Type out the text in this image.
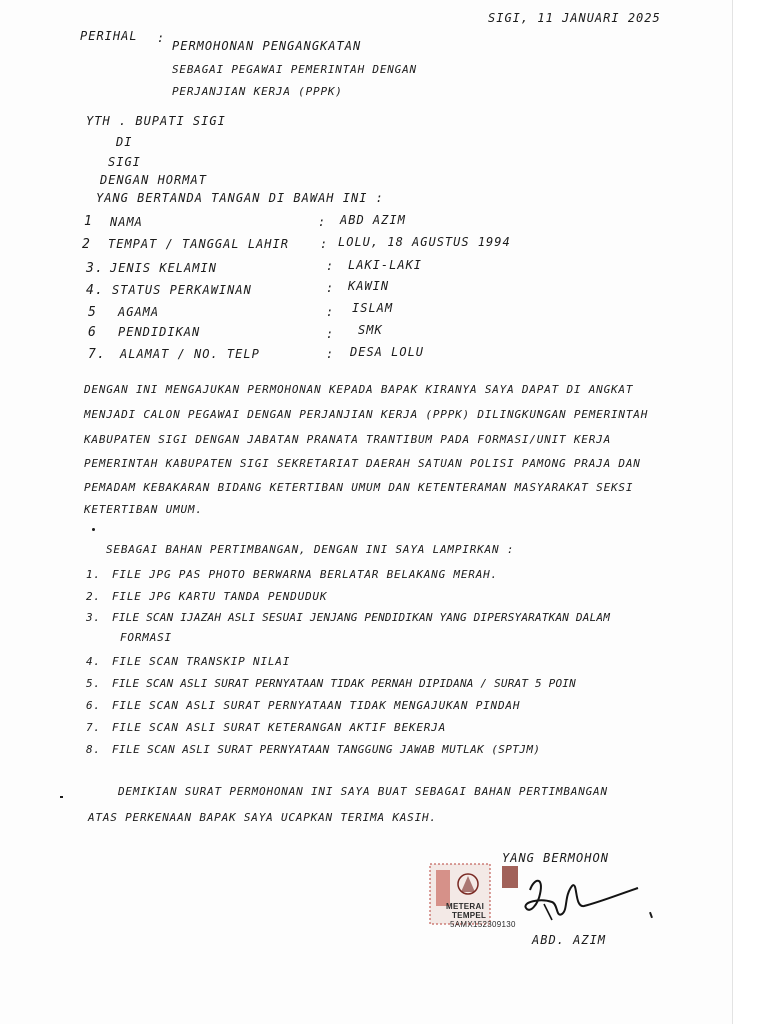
SIGI, 11 JANUARI 2025
PERIHAL :
PERMOHONAN PENGANGKATAN
SEBAGAI PEGAWAI PEMERINTAH DENGAN
PERJANJIAN KERJA (PPPK)
YTH . BUPATI SIGI
DI
SIGI
DENGAN HORMAT
YANG BERTANDA TANGAN DI BAWAH INI :
1 NAMA	: ABD AZIM
2 TEMPAT / TANGGAL LAHIR	: LOLU, 18 AGUSTUS 1994
3. JENIS KELAMIN	: LAKI-LAKI
4. STATUS PERKAWINAN	: KAWIN
5 AGAMA	: ISLAM
6 PENDIDIKAN	: SMK
7. ALAMAT / NO. TELP	: DESA LOLU
DENGAN INI MENGAJUKAN PERMOHONAN KEPADA BAPAK KIRANYA SAYA DAPAT DI ANGKAT
MENJADI CALON PEGAWAI DENGAN PERJANJIAN KERJA (PPPK) DILINGKUNGAN PEMERINTAH
KABUPATEN SIGI DENGAN JABATAN PRANATA TRANTIBUM PADA FORMASI/UNIT KERJA
PEMERINTAH KABUPATEN SIGI SEKRETARIAT DAERAH SATUAN POLISI PAMONG PRAJA DAN
PEMADAM KEBAKARAN BIDANG KETERTIBAN UMUM DAN KETENTERAMAN MASYARAKAT SEKSI
KETERTIBAN UMUM.
SEBAGAI BAHAN PERTIMBANGAN, DENGAN INI SAYA LAMPIRKAN :
1. FILE JPG PAS PHOTO BERWARNA BERLATAR BELAKANG MERAH.
2. FILE JPG KARTU TANDA PENDUDUK
3. FILE SCAN IJAZAH ASLI SESUAI JENJANG PENDIDIKAN YANG DIPERSYARATKAN DALAM
FORMASI
4. FILE SCAN TRANSKIP NILAI
5. FILE SCAN ASLI SURAT PERNYATAAN TIDAK PERNAH DIPIDANA / SURAT 5 POIN
6. FILE SCAN ASLI SURAT PERNYATAAN TIDAK MENGAJUKAN PINDAH
7. FILE SCAN ASLI SURAT KETERANGAN AKTIF BEKERJA
8. FILE SCAN ASLI SURAT PERNYATAAN TANGGUNG JAWAB MUTLAK (SPTJM)
DEMIKIAN SURAT PERMOHONAN INI SAYA BUAT SEBAGAI BAHAN PERTIMBANGAN
ATAS PERKENAAN BAPAK SAYA UCAPKAN TERIMA KASIH.
YANG BERMOHON
METERAI
TEMPEL
5AMX152309130
ABD. AZIM
